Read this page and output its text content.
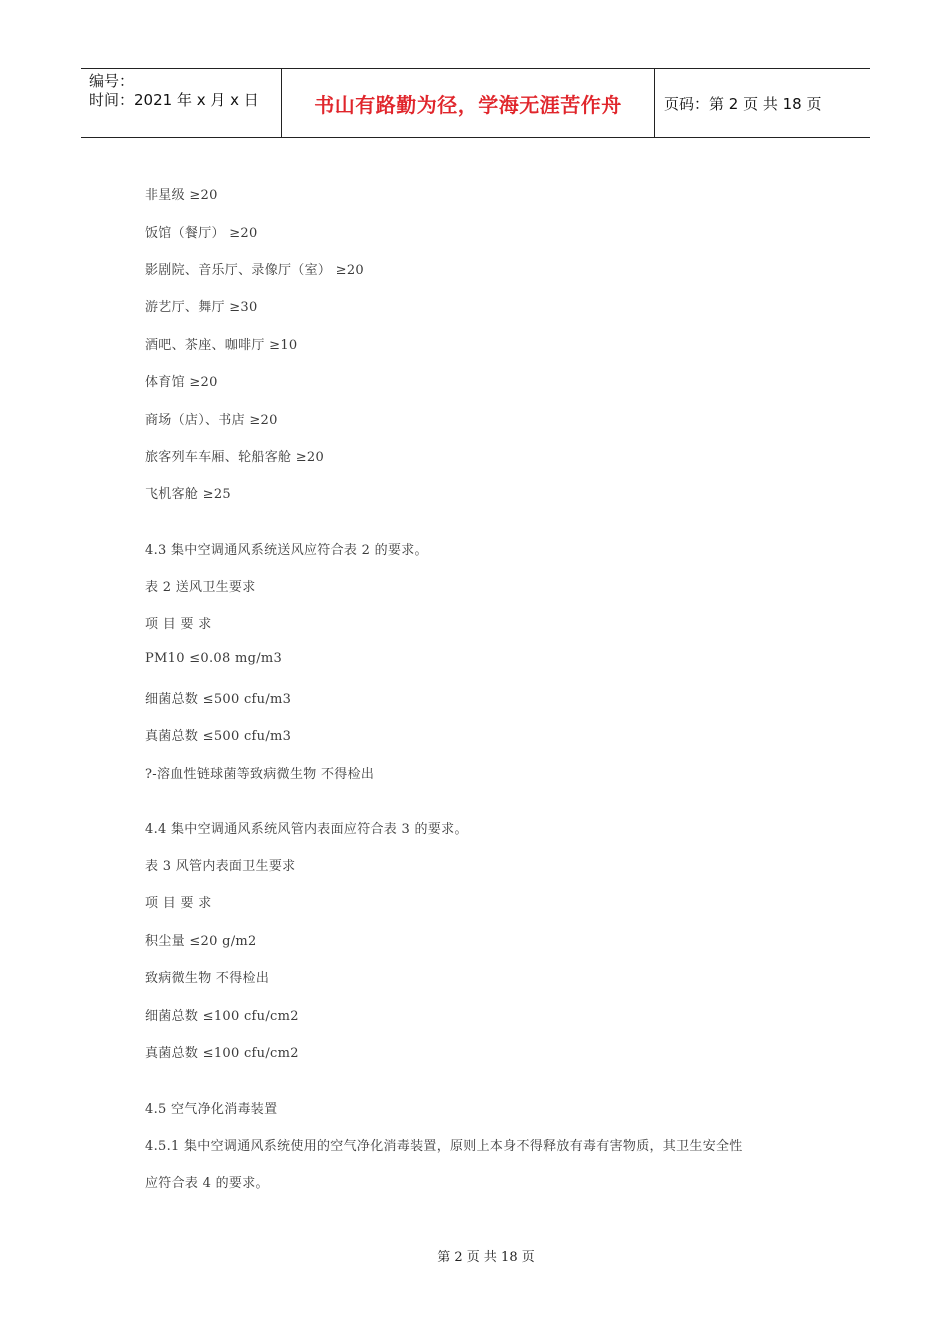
编号：
时间：2021 年 x 月 x 日	书山有路勤为径，学海无涯苦作舟	页码：第 2 页 共 18 页
非星级 ≥20
饭馆（餐厅） ≥20
影剧院、音乐厅、录像厅（室） ≥20
游艺厅、舞厅 ≥30
酒吧、茶座、咖啡厅 ≥10
体育馆 ≥20
商场（店）、书店 ≥20
旅客列车车厢、轮船客舱 ≥20
飞机客舱 ≥25
4.3 集中空调通风系统送风应符合表 2 的要求。
表 2 送风卫生要求
项 目 要 求
PM10 ≤0.08 mg/m3
细菌总数 ≤500 cfu/m3
真菌总数 ≤500 cfu/m3
?-溶血性链球菌等致病微生物 不得检出
4.4 集中空调通风系统风管内表面应符合表 3 的要求。
表 3 风管内表面卫生要求
项 目 要 求
积尘量 ≤20 g/m2
致病微生物 不得检出
细菌总数 ≤100 cfu/cm2
真菌总数 ≤100 cfu/cm2
4.5 空气净化消毒装置
4.5.1 集中空调通风系统使用的空气净化消毒装置，原则上本身不得释放有毒有害物质，其卫生安全性
应符合表 4 的要求。
第 2 页 共 18 页
